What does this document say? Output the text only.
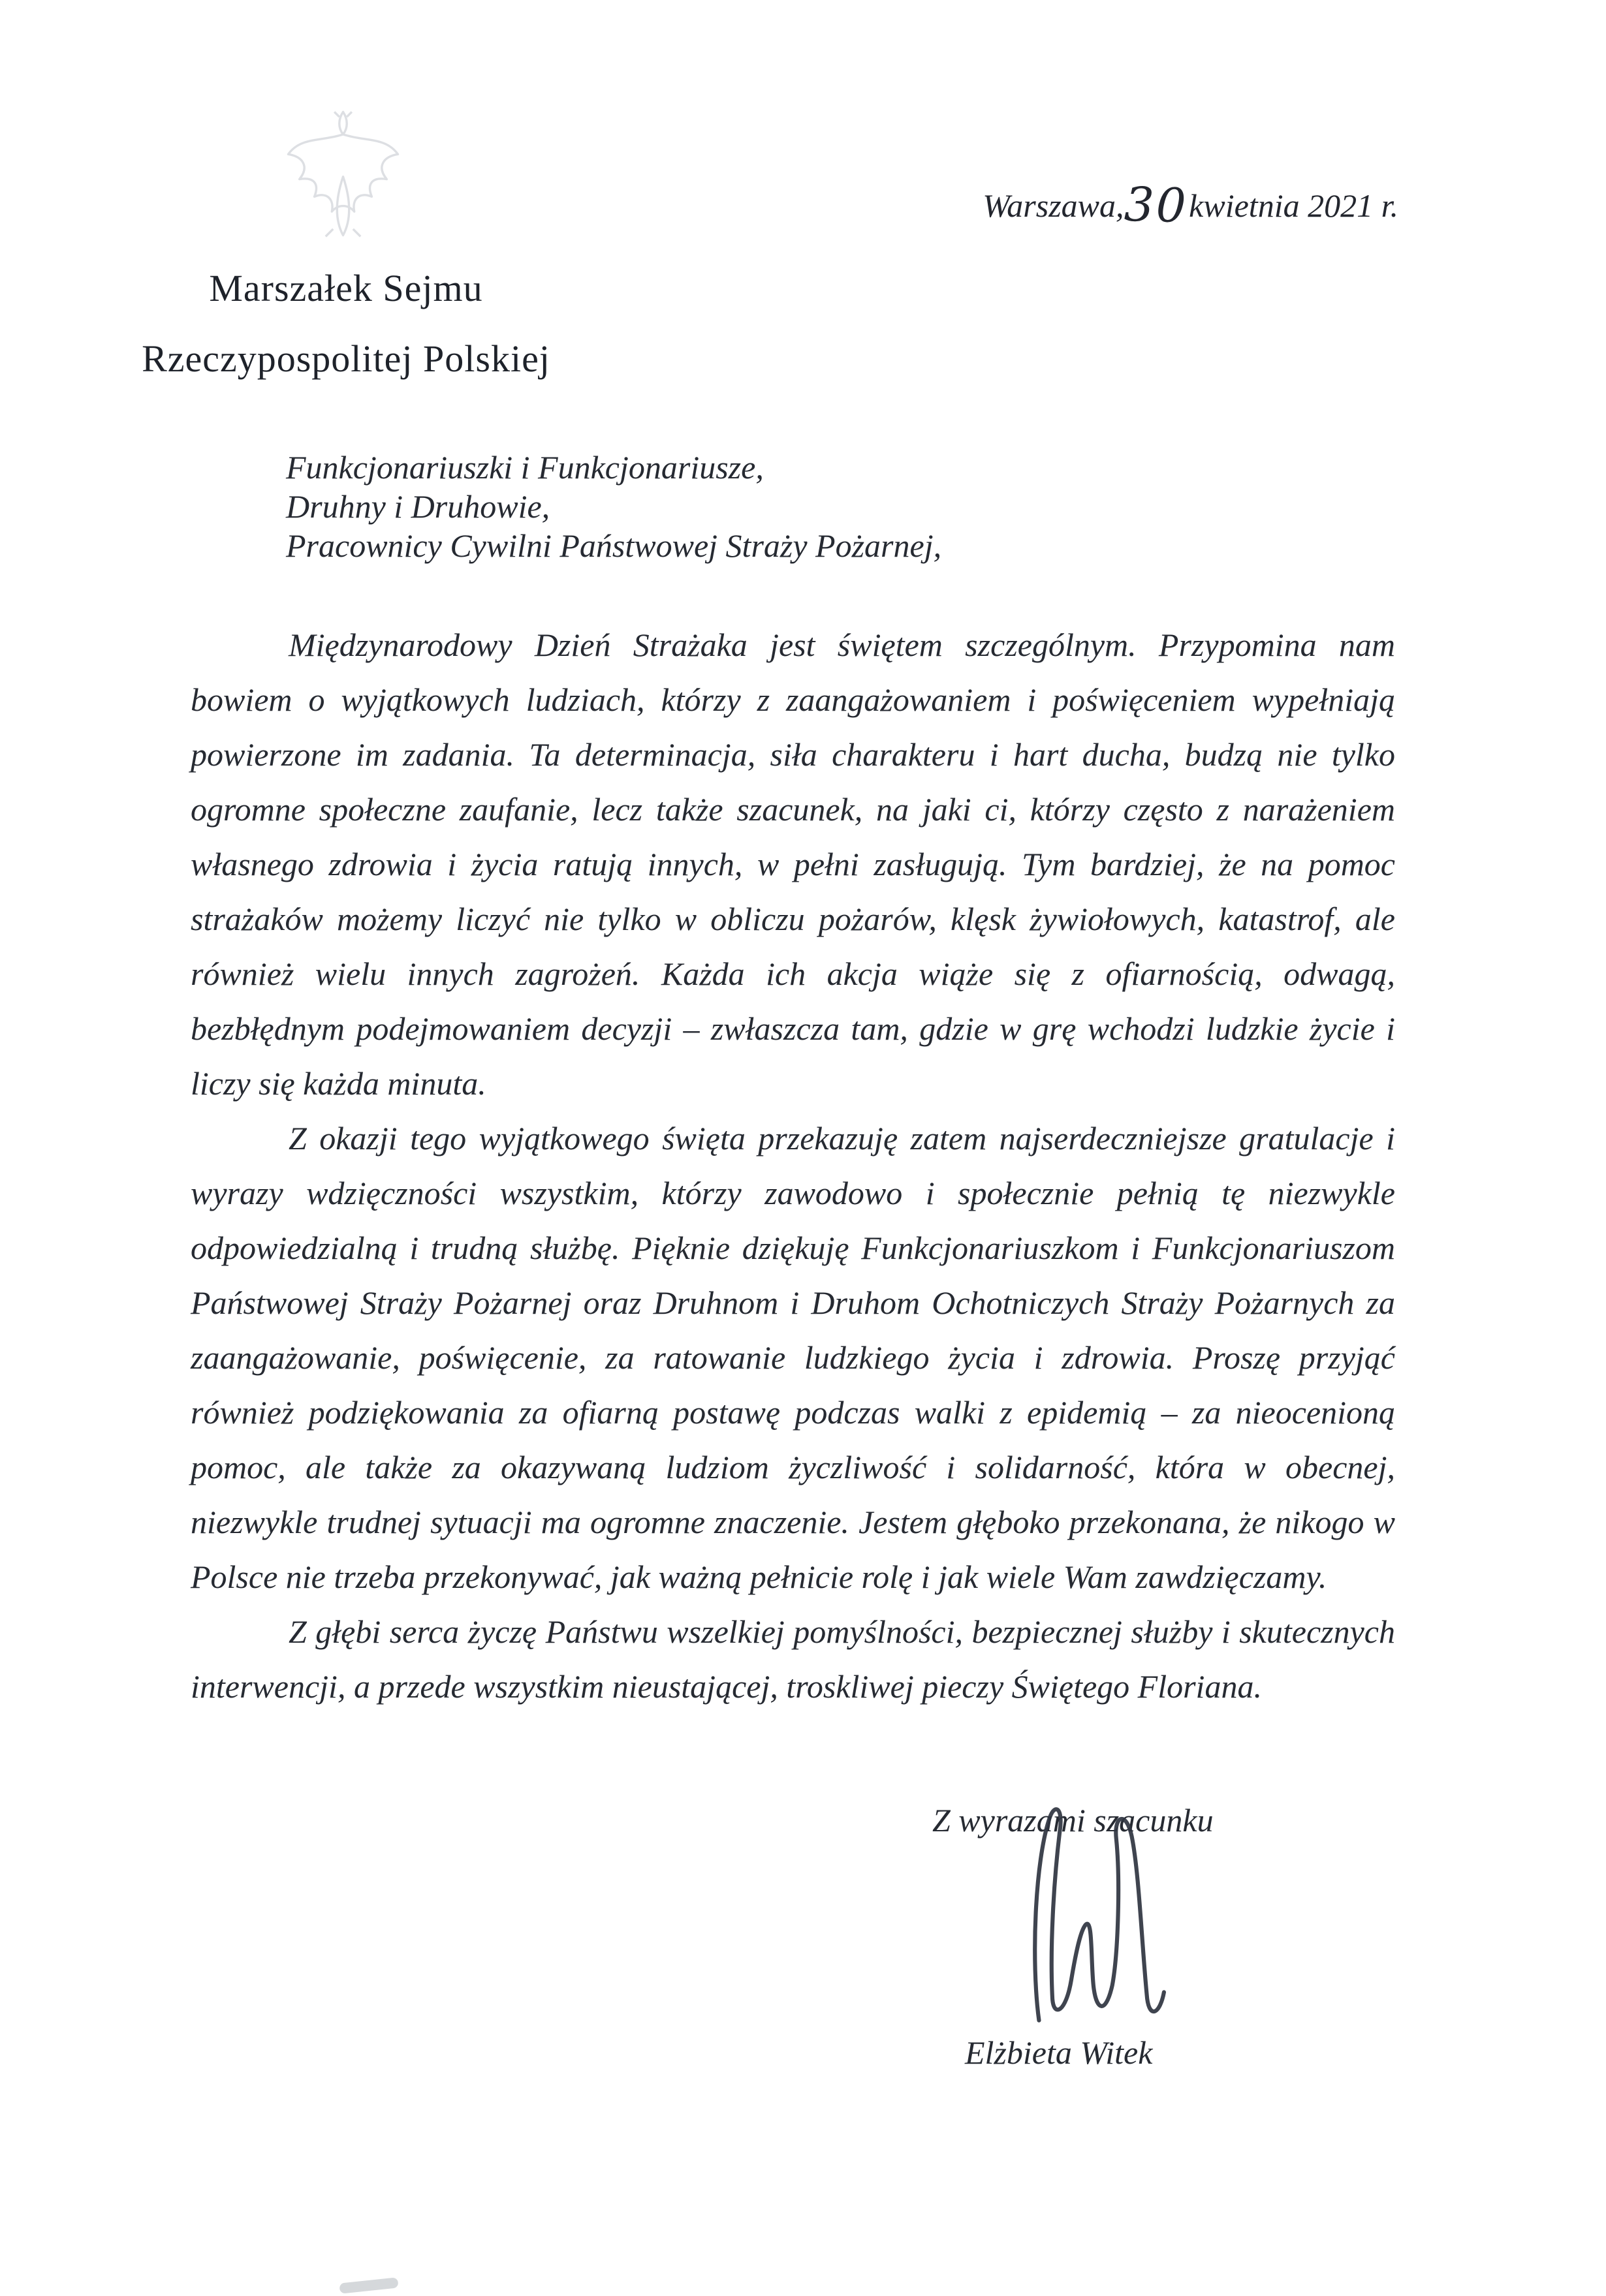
Warszawa,30kwietnia 2021 r.
Marszałek Sejmu
Rzeczypospolitej Polskiej
Funkcjonariuszki i Funkcjonariusze,
Druhny i Druhowie,
Pracownicy Cywilni Państwowej Straży Pożarnej,

Międzynarodowy Dzień Strażaka jest świętem szczególnym. Przypomina nam bowiem o wyjątkowych ludziach, którzy z zaangażowaniem i poświęceniem wypełniają powierzone im zadania. Ta determinacja, siła charakteru i hart ducha, budzą nie tylko ogromne społeczne zaufanie, lecz także szacunek, na jaki ci, którzy często z narażeniem własnego zdrowia i życia ratują innych, w pełni zasługują. Tym bardziej, że na pomoc strażaków możemy liczyć nie tylko w obliczu pożarów, klęsk żywiołowych, katastrof, ale również wielu innych zagrożeń. Każda ich akcja wiąże się z ofiarnością, odwagą, bezbłędnym podejmowaniem decyzji – zwłaszcza tam, gdzie w grę wchodzi ludzkie życie i liczy się każda minuta.

Z okazji tego wyjątkowego święta przekazuję zatem najserdeczniejsze gratulacje i wyrazy wdzięczności wszystkim, którzy zawodowo i społecznie pełnią tę niezwykle odpowiedzialną i trudną służbę. Pięknie dziękuję Funkcjonariuszkom i Funkcjonariuszom Państwowej Straży Pożarnej oraz Druhnom i Druhom Ochotniczych Straży Pożarnych za zaangażowanie, poświęcenie, za ratowanie ludzkiego życia i zdrowia. Proszę przyjąć również podziękowania za ofiarną postawę podczas walki z epidemią – za nieocenioną pomoc, ale także za okazywaną ludziom życzliwość i solidarność, która w obecnej, niezwykle trudnej sytuacji ma ogromne znaczenie. Jestem głęboko przekonana, że nikogo w Polsce nie trzeba przekonywać, jak ważną pełnicie rolę i jak wiele Wam zawdzięczamy.

Z głębi serca życzę Państwu wszelkiej pomyślności, bezpiecznej służby i skutecznych interwencji, a przede wszystkim nieustającej, troskliwej pieczy Świętego Floriana.

Z wyrazami szacunku
Elżbieta Witek
